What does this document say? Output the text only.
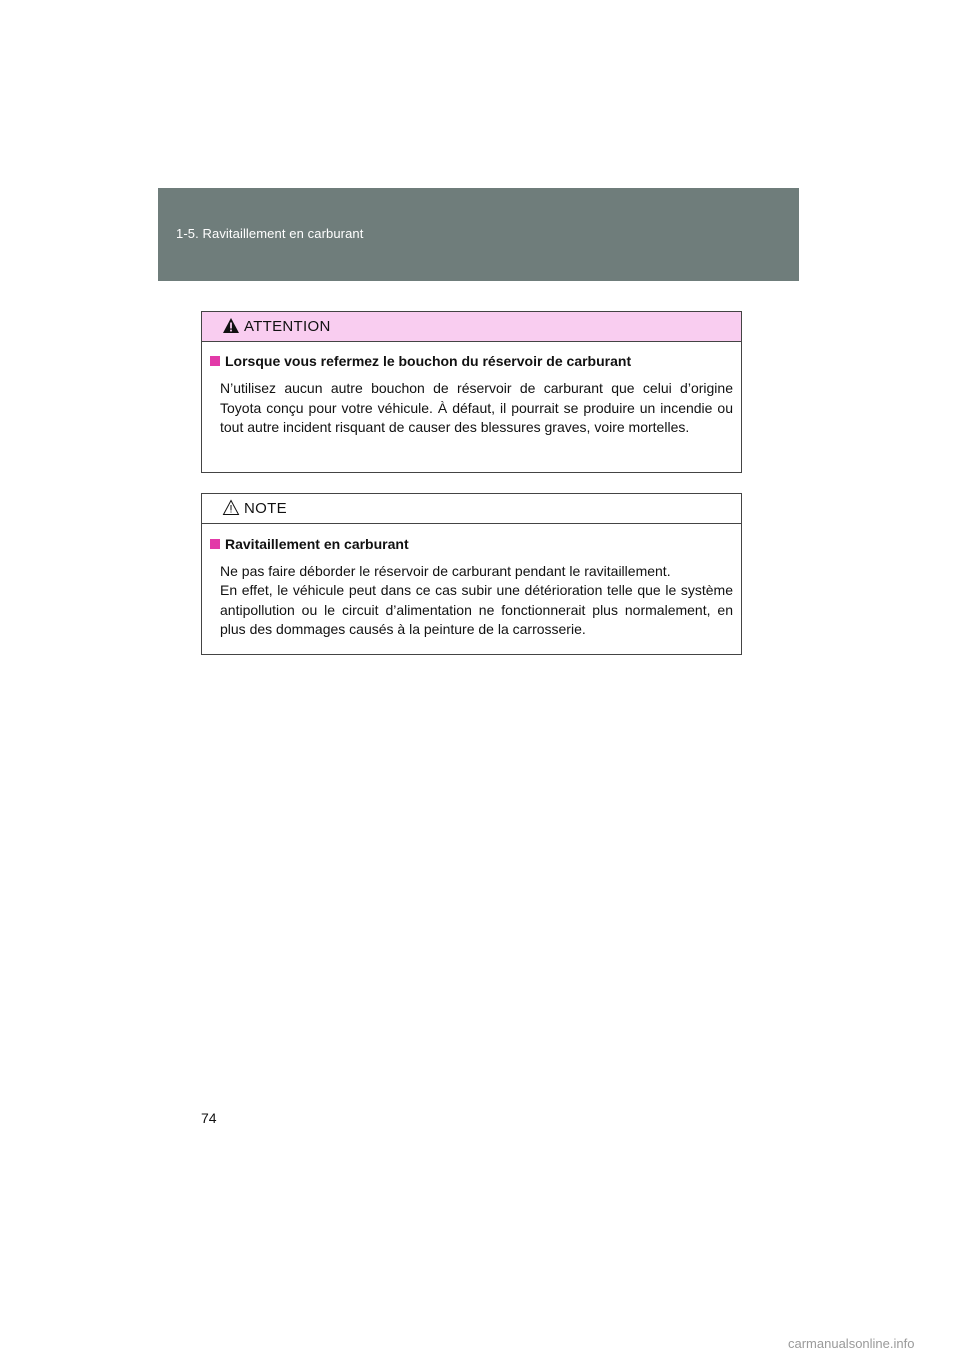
1-5. Ravitaillement en carburant
ATTENTION
Lorsque vous refermez le bouchon du réservoir de carburant
N’utilisez aucun autre bouchon de réservoir de carburant que celui d’origine Toyota conçu pour votre véhicule. À défaut, il pourrait se produire un incendie ou tout autre incident risquant de causer des blessures graves, voire mortelles.
NOTE
Ravitaillement en carburant
Ne pas faire déborder le réservoir de carburant pendant le ravitaillement.
En effet, le véhicule peut dans ce cas subir une détérioration telle que le système antipollution ou le circuit d’alimentation ne fonctionnerait plus normalement, en plus des dommages causés à la peinture de la carrosserie.
74
carmanualsonline.info
